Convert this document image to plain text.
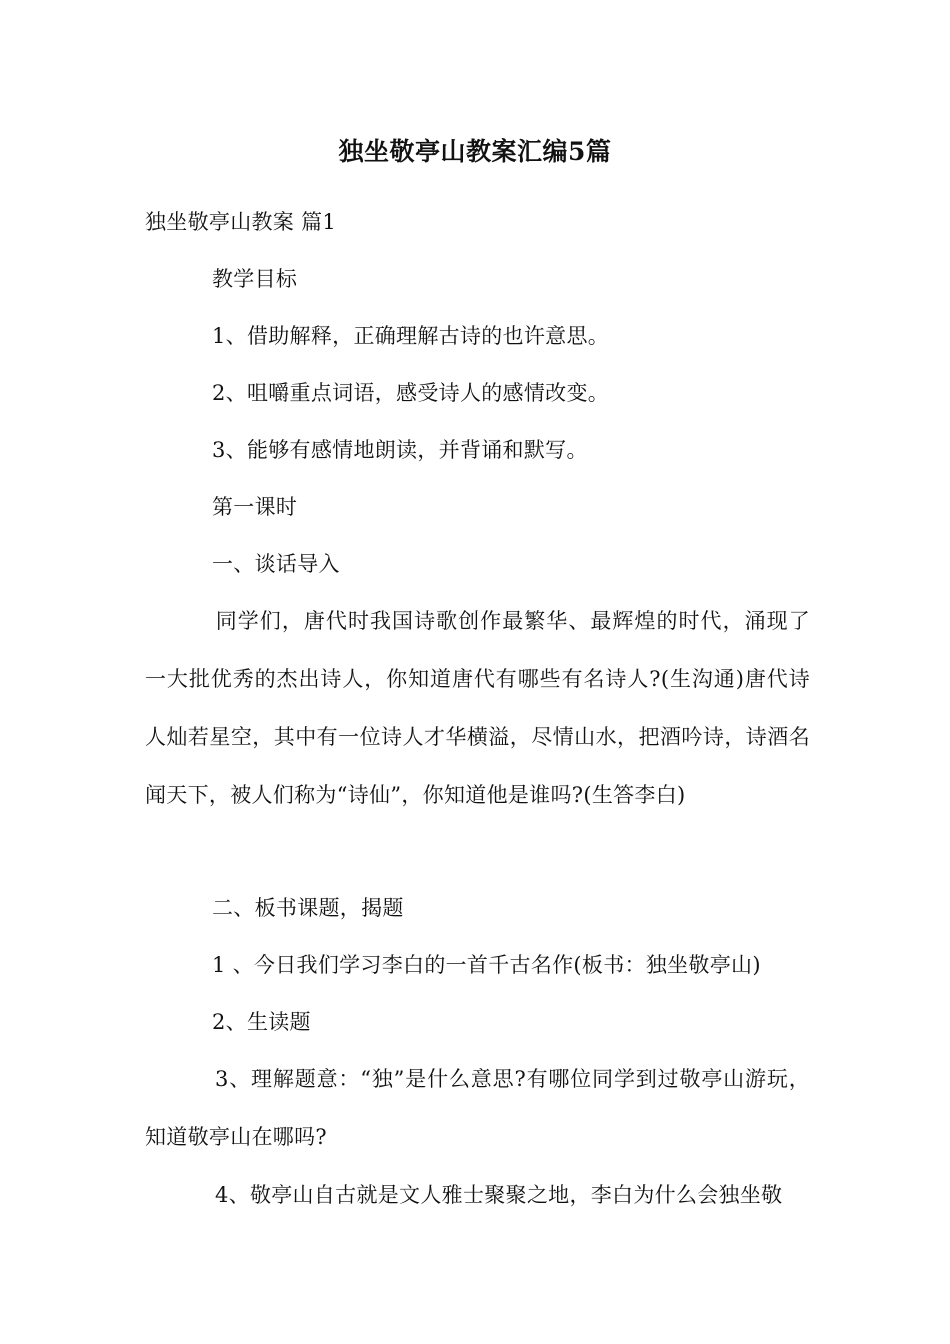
独坐敬亭山教案汇编5篇
独坐敬亭山教案 篇1
教学目标
1、借助解释，正确理解古诗的也许意思。
2、咀嚼重点词语，感受诗人的感情改变。
3、能够有感情地朗读，并背诵和默写。
第一课时
一、谈话导入
同学们，唐代时我国诗歌创作最繁华、最辉煌的时代，涌现了一大批优秀的杰出诗人，你知道唐代有哪些有名诗人?(生沟通)唐代诗人灿若星空，其中有一位诗人才华横溢，尽情山水，把酒吟诗，诗酒名闻天下，被人们称为“诗仙”，你知道他是谁吗?(生答李白)
二、板书课题，揭题
1 、今日我们学习李白的一首千古名作(板书：独坐敬亭山)
2、生读题
3、理解题意：“独”是什么意思?有哪位同学到过敬亭山游玩，知道敬亭山在哪吗?
4、敬亭山自古就是文人雅士聚聚之地，李白为什么会独坐敬
